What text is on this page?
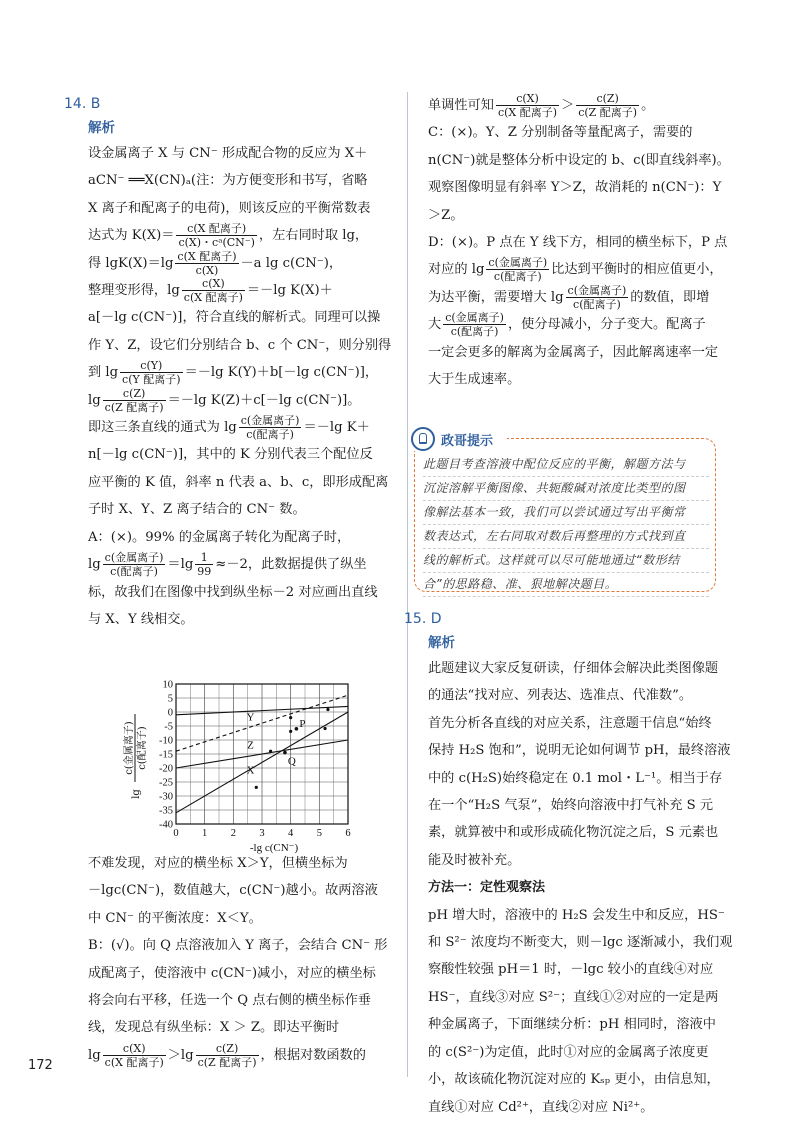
14. B
解析
设金属离子 X 与 CN⁻ 形成配合物的反应为 X＋
aCN⁻ ══X(CN)ₐ(注：为方便变形和书写，省略
X 离子和配离子的电荷)，则该反应的平衡常数表
达式为 $K(X)= \frac{\text{c(X 配离子)}}{\text{c(X)・cᵃ(CN⁻)}}$ ，左右同时取 lg，
得 $\lg K(X)=\lg \frac{\text{c(X 配离子)}}{c(X)} -a$ lg c(CN⁻)，
整理变形得，$\lg \frac{c(X)}{\text{c(X 配离子)}} =-\lg$ K(X)＋
a[－lg c(CN⁻)]，符合直线的解析式。同理可以操
作 Y、Z，设它们分别结合 b、c 个 CN⁻，则分别得
到 $\lg \frac{c(Y)}{\text{c(Y 配离子)}} =-\lg$ K(Y)＋b[－lg c(CN⁻)]，
$\lg \frac{c(Z)}{\text{c(Z 配离子)}} =-\lg$ K(Z)＋c[－lg c(CN⁻)]。
即这三条直线的通式为 $\lg \frac{\text{c(金属离子)}}{\text{c(配离子)}} =-\lg$ K＋
n[－lg c(CN⁻)]，其中的 K 分别代表三个配位反
应平衡的 K 值，斜率 n 代表 a、b、c，即形成配离
子时 X、Y、Z 离子结合的 CN⁻ 数。
A：(×)。99% 的金属离子转化为配离子时，
$\lg \frac{\text{c(金属离子)}}{\text{c(配离子)}} =\lg \frac{1}{99} \approx-2$，此数据提供了纵坐
标，故我们在图像中找到纵坐标－2 对应画出直线
与 X、Y 线相交。
10
5
0
-5
-10
-15
-20
-25
-30
-35
-40
0 1 2 3 4 5 6
-lg c(CN⁻)
c(金属离子) c(配离子)
lg
P
Q
Y
Z
X
不难发现，对应的横坐标 X＞Y，但横坐标为
－lgc(CN⁻)，数值越大，c(CN⁻)越小。故两溶液
中 CN⁻ 的平衡浓度：X＜Y。
B：(√)。向 Q 点溶液加入 Y 离子，会结合 CN⁻ 形
成配离子，使溶液中 c(CN⁻)减小，对应的横坐标
将会向右平移，任选一个 Q 点右侧的横坐标作垂
线，发现总有纵坐标：X ＞ Z。即达平衡时
$\lg \frac{c(X)}{\text{c(X 配离子)}} >\lg \frac{c(Z)}{\text{c(Z 配离子)}}$ ，根据对数函数的
单调性可知 $\frac{c(X)}{\text{c(X 配离子)}} > \frac{c(Z)}{\text{c(Z 配离子)}}$ 。
C：(×)。Y、Z 分别制备等量配离子，需要的
n(CN⁻)就是整体分析中设定的 b、c(即直线斜率)。
观察图像明显有斜率 Y＞Z，故消耗的 n(CN⁻)：Y
＞Z。
D：(×)。P 点在 Y 线下方，相同的横坐标下，P 点
对应的 $\lg \frac{\text{c(金属离子)}}{\text{c(配离子)}}$ 比达到平衡时的相应值更小，
为达平衡，需要增大 $\lg \frac{\text{c(金属离子)}}{\text{c(配离子)}}$ 的数值，即增
大 $\frac{\text{c(金属离子)}}{\text{c(配离子)}}$ ，使分母减小，分子变大。配离子
一定会更多的解离为金属离子，因此解离速率一定
大于生成速率。
政哥提示
此题目考查溶液中配位反应的平衡，解题方法与
沉淀溶解平衡图像、共轭酸碱对浓度比类型的图
像解法基本一致，我们可以尝试通过写出平衡常
数表达式，左右同取对数后再整理的方式找到直
线的解析式。这样就可以尽可能地通过“数形结
合”的思路稳、准、狠地解决题目。
15. D
解析
此题建议大家反复研读，仔细体会解决此类图像题
的通法“找对应、列表达、选准点、代准数”。
首先分析各直线的对应关系，注意题干信息“始终
保持 H₂S 饱和”，说明无论如何调节 pH，最终溶液
中的 c(H₂S)始终稳定在 0.1 mol・L⁻¹。相当于存
在一个“H₂S 气泵”，始终向溶液中打气补充 S 元
素，就算被中和或形成硫化物沉淀之后，S 元素也
能及时被补充。
方法一：定性观察法
pH 增大时，溶液中的 H₂S 会发生中和反应，HS⁻
和 S²⁻ 浓度均不断变大，则－lgc 逐渐减小，我们观
察酸性较强 pH＝1 时，－lgc 较小的直线④对应
HS⁻，直线③对应 S²⁻；直线①②对应的一定是两
种金属离子，下面继续分析：pH 相同时，溶液中
的 c(S²⁻)为定值，此时①对应的金属离子浓度更
小，故该硫化物沉淀对应的 Kₛₚ 更小，由信息知，
直线①对应 Cd²⁺，直线②对应 Ni²⁺。
172
